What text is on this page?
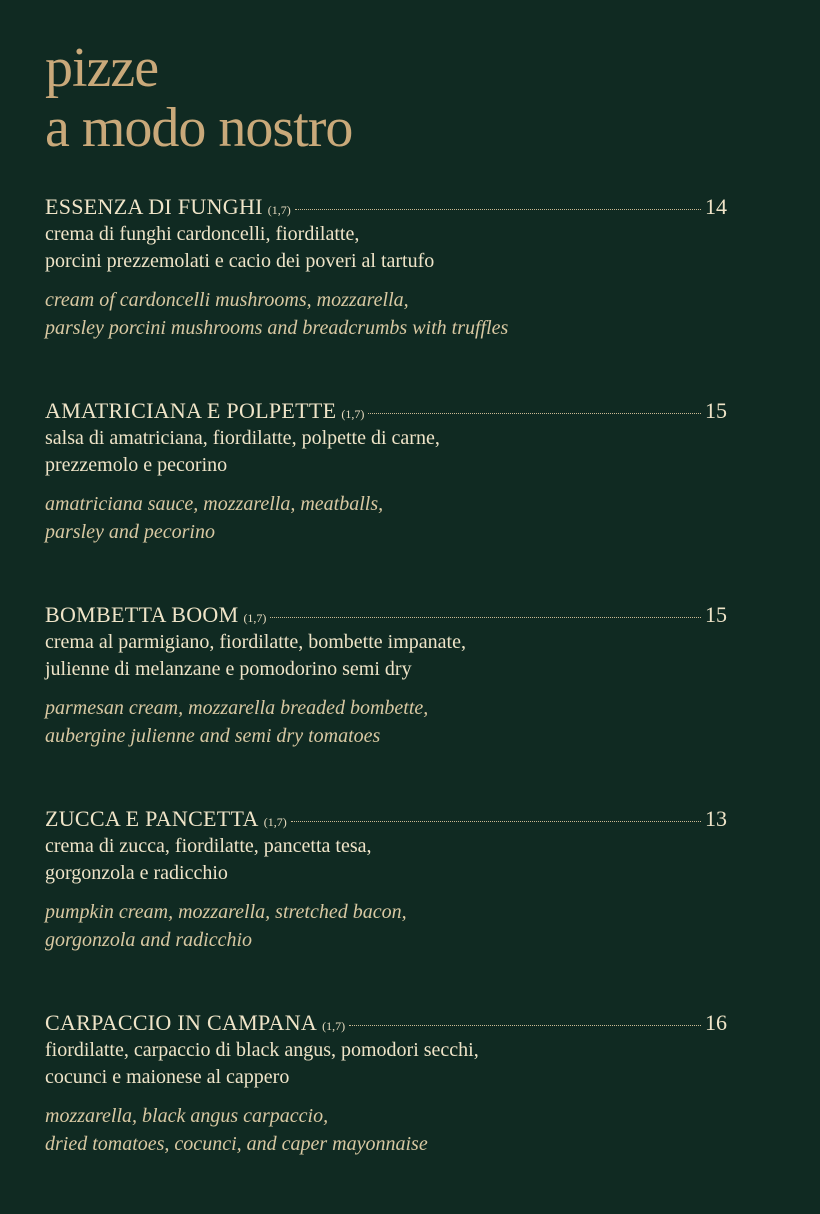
pizze
a modo nostro
ESSENZA DI FUNGHI (1,7)	14
crema di funghi cardoncelli, fiordilatte,
porcini prezzemolati e cacio dei poveri al tartufo
cream of cardoncelli mushrooms, mozzarella,
parsley porcini mushrooms and breadcrumbs with truffles
AMATRICIANA E POLPETTE (1,7)	15
salsa di amatriciana, fiordilatte, polpette di carne,
prezzemolo e pecorino
amatriciana sauce, mozzarella, meatballs,
parsley and pecorino
BOMBETTA BOOM (1,7)	15
crema al parmigiano, fiordilatte, bombette impanate,
julienne di melanzane e pomodorino semi dry
parmesan cream, mozzarella breaded bombette,
aubergine julienne and semi dry tomatoes
ZUCCA E PANCETTA (1,7)	13
crema di zucca, fiordilatte, pancetta tesa,
gorgonzola e radicchio
pumpkin cream, mozzarella, stretched bacon,
gorgonzola and radicchio
CARPACCIO IN CAMPANA (1,7)	16
fiordilatte, carpaccio di black angus, pomodori secchi,
cocunci e maionese al cappero
mozzarella, black angus carpaccio,
dried tomatoes, cocunci, and caper mayonnaise
